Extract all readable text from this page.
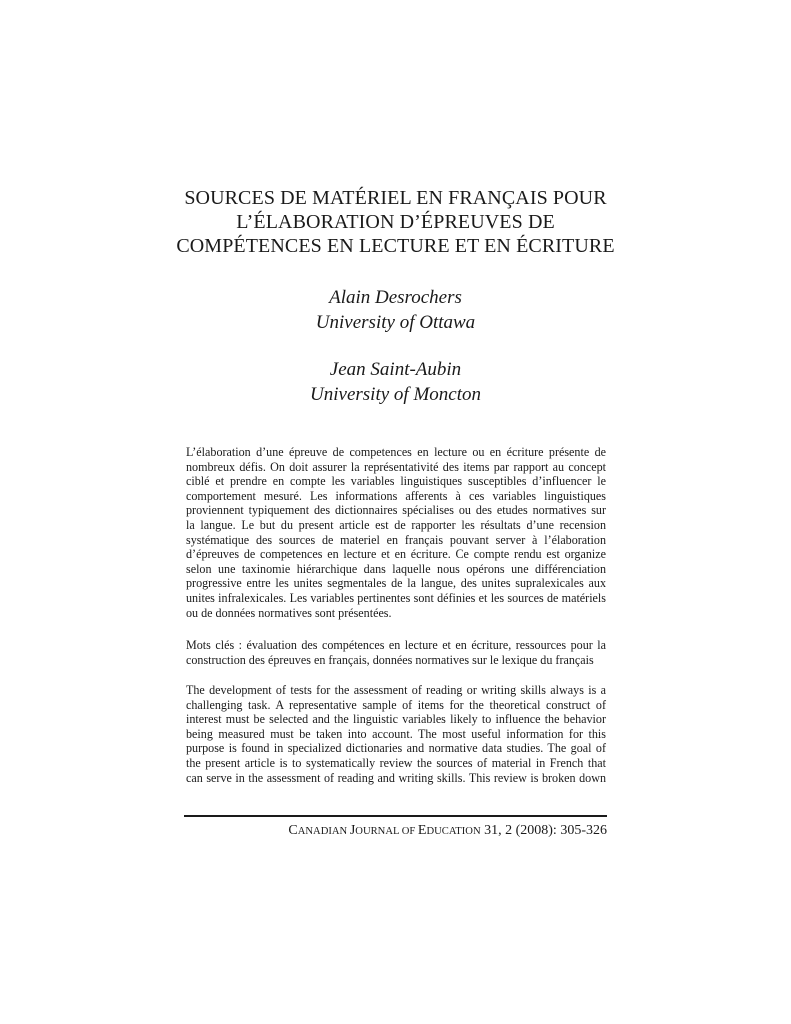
SOURCES DE MATÉRIEL EN FRANÇAIS POUR
L’ÉLABORATION D’ÉPREUVES DE
COMPÉTENCES EN LECTURE ET EN ÉCRITURE
Alain Desrochers
University of Ottawa
Jean Saint-Aubin
University of Moncton
L’élaboration d’une épreuve de competences en lecture ou en écriture présente de
nombreux défis. On doit assurer la représentativité des items par rapport au concept
ciblé et prendre en compte les variables linguistiques susceptibles d’influencer le
comportement mesuré. Les informations afferents à ces variables linguistiques
proviennent typiquement des dictionnaires spécialises ou des etudes normatives sur
la langue. Le but du present article est de rapporter les résultats d’une recension
systématique des sources de materiel en français pouvant server à l’élaboration
d’épreuves de competences en lecture et en écriture. Ce compte rendu est organize
selon une taxinomie hiérarchique dans laquelle nous opérons une différenciation
progressive entre les unites segmentales de la langue, des unites supralexicales aux
unites infralexicales. Les variables pertinentes sont définies et les sources de matériels
ou de données normatives sont présentées.
Mots clés : évaluation des compétences en lecture et en écriture, ressources pour la
construction des épreuves en français, données normatives sur le lexique du français
The development of tests for the assessment of reading or writing skills always is a
challenging task. A representative sample of items for the theoretical construct of
interest must be selected and the linguistic variables likely to influence the behavior
being measured must be taken into account. The most useful information for this
purpose is found in specialized dictionaries and normative data studies. The goal of
the present article is to systematically review the sources of material in French that
can serve in the assessment of reading and writing skills. This review is broken down
CANADIAN JOURNAL OF EDUCATION 31, 2 (2008): 305-326
